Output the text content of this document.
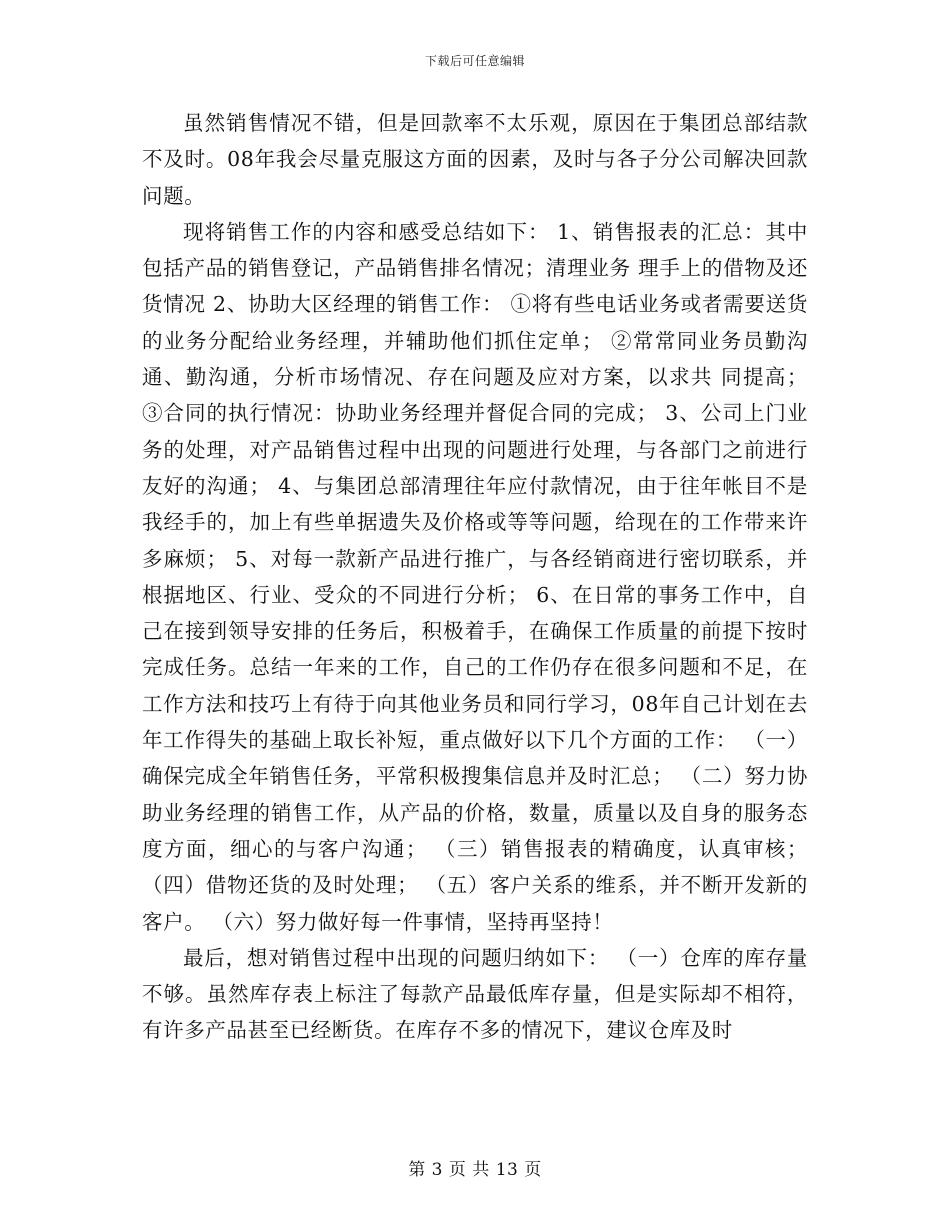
下载后可任意编辑

虽然销售情况不错，但是回款率不太乐观，原因在于集团总部结款不及时。08年我会尽量克服这方面的因素，及时与各子分公司解决回款问题。

现将销售工作的内容和感受总结如下： 1、销售报表的汇总：其中包括产品的销售登记，产品销售排名情况；清理业务 理手上的借物及还货情况 2、协助大区经理的销售工作： ①将有些电话业务或者需要送货的业务分配给业务经理，并辅助他们抓住定单； ②常常同业务员勤沟通、勤沟通，分析市场情况、存在问题及应对方案，以求共 同提高； ③合同的执行情况：协助业务经理并督促合同的完成； 3、公司上门业务的处理，对产品销售过程中出现的问题进行处理，与各部门之前进行友好的沟通； 4、与集团总部清理往年应付款情况，由于往年帐目不是我经手的，加上有些单据遗失及价格或等等问题，给现在的工作带来许多麻烦； 5、对每一款新产品进行推广，与各经销商进行密切联系，并根据地区、行业、受众的不同进行分析； 6、在日常的事务工作中，自己在接到领导安排的任务后，积极着手，在确保工作质量的前提下按时完成任务。总结一年来的工作，自己的工作仍存在很多问题和不足，在工作方法和技巧上有待于向其他业务员和同行学习，08年自己计划在去年工作得失的基础上取长补短，重点做好以下几个方面的工作： （一）确保完成全年销售任务，平常积极搜集信息并及时汇总； （二）努力协助业务经理的销售工作，从产品的价格，数量，质量以及自身的服务态度方面，细心的与客户沟通； （三）销售报表的精确度，认真审核； （四）借物还货的及时处理； （五）客户关系的维系，并不断开发新的客户。 （六）努力做好每一件事情，坚持再坚持！

最后，想对销售过程中出现的问题归纳如下： （一）仓库的库存量不够。虽然库存表上标注了每款产品最低库存量，但是实际却不相符，有许多产品甚至已经断货。在库存不多的情况下，建议仓库及时

第 3 页 共 13 页
